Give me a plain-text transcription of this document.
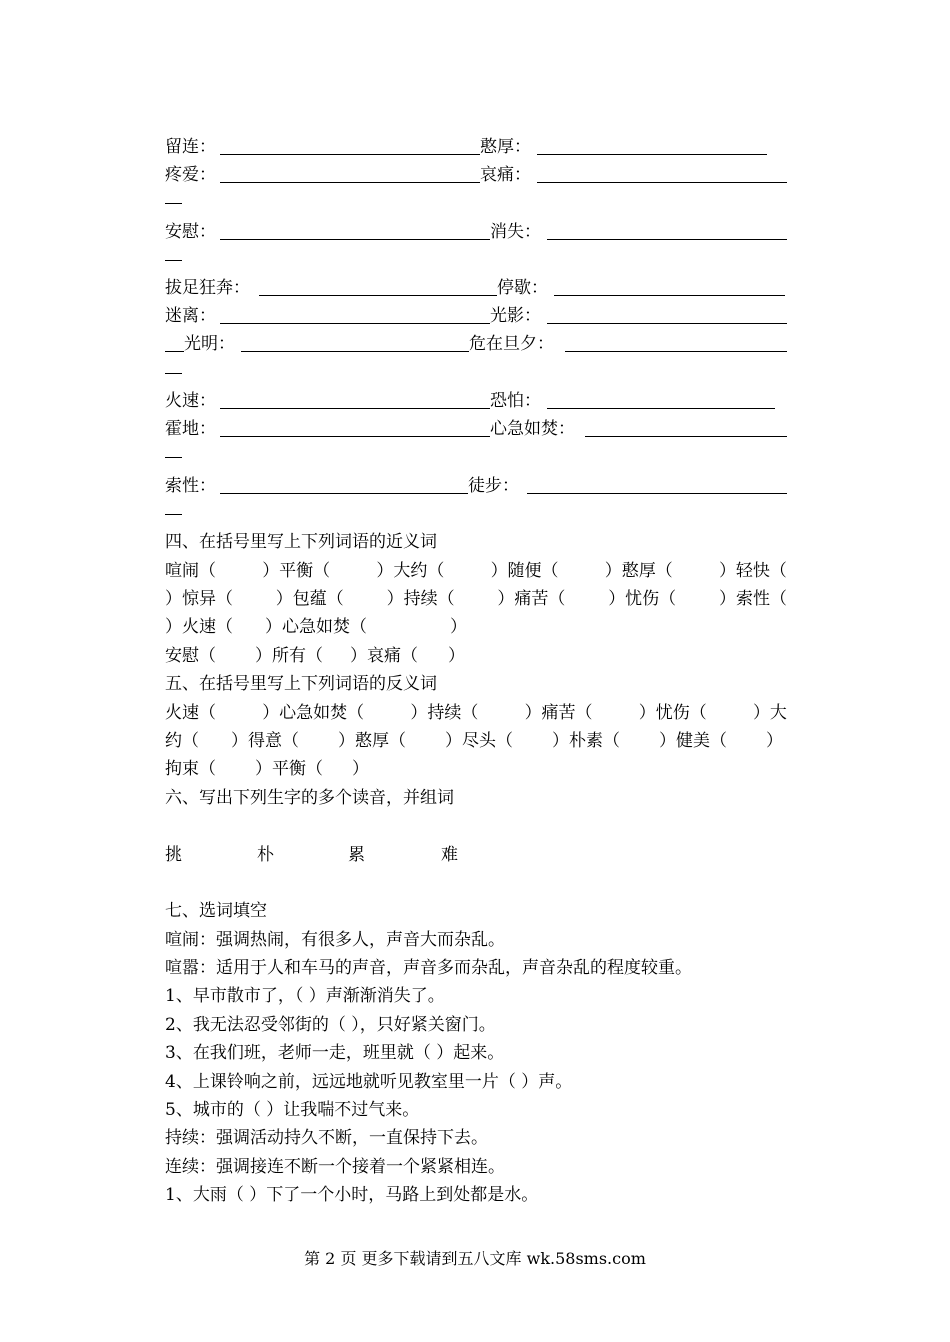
留连：	憨厚：
疼爱：	哀痛：
安慰：	消失：
拔足狂奔：	停歇：
迷离：	光影：
光明：	危在旦夕：
火速：	恐怕：
霍地：	心急如焚：
索性：	徒步：
四、在括号里写上下列词语的近义词
喧闹（	）平衡（	）大约（	）随便（	）憨厚（	）轻快（
）惊异（	）包蕴（	）持续（	）痛苦（	）忧伤（	）索性（
）火速（ ）心急如焚（	）
安慰（ ）所有（ ）哀痛（ ）
五、在括号里写上下列词语的反义词
火速（	）心急如焚（	）持续（	）痛苦（	）忧伤（	）大
约（ ）得意（ ）憨厚（ ）尽头（ ）朴素（ ）健美（ ）
拘束（ ）平衡（ ）
六、写出下列生字的多个读音，并组词
挑	朴	累	难
七、选词填空
喧闹：强调热闹，有很多人，声音大而杂乱。
喧嚣：适用于人和车马的声音，声音多而杂乱，声音杂乱的程度较重。
1、早市散市了，（ ）声渐渐消失了。
2、我无法忍受邻街的（ ），只好紧关窗门。
3、在我们班，老师一走，班里就（ ）起来。
4、上课铃响之前，远远地就听见教室里一片（ ）声。
5、城市的（ ）让我喘不过气来。
持续：强调活动持久不断，一直保持下去。
连续：强调接连不断一个接着一个紧紧相连。
1、大雨（ ）下了一个小时，马路上到处都是水。
第 2 页 更多下载请到五八文库 wk.58sms.com
